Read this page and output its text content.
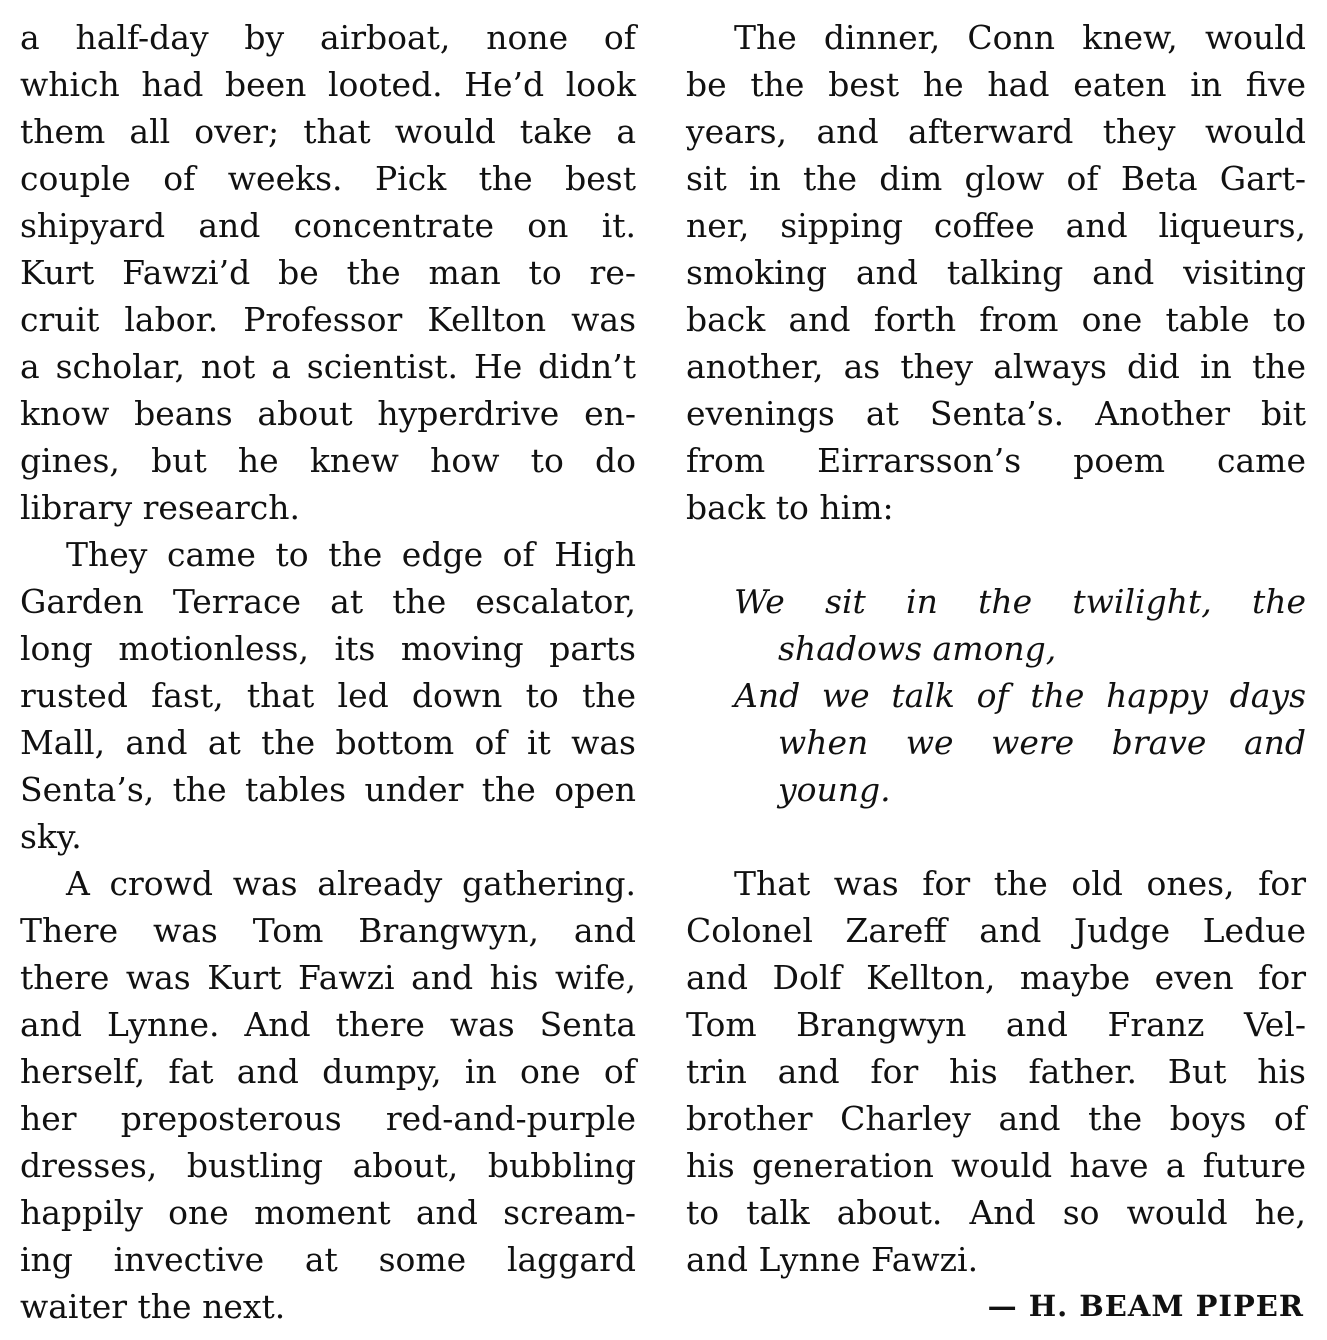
a half-day by airboat, none of
which had been looted. He’d look
them all over; that would take a
couple of weeks. Pick the best
shipyard and concentrate on it.
Kurt Fawzi’d be the man to re-
cruit labor. Professor Kellton was
a scholar, not a scientist. He didn’t
know beans about hyperdrive en-
gines, but he knew how to do
library research.
They came to the edge of High
Garden Terrace at the escalator,
long motionless, its moving parts
rusted fast, that led down to the
Mall, and at the bottom of it was
Senta’s, the tables under the open
sky.
A crowd was already gathering.
There was Tom Brangwyn, and
there was Kurt Fawzi and his wife,
and Lynne. And there was Senta
herself, fat and dumpy, in one of
her preposterous red-and-purple
dresses, bustling about, bubbling
happily one moment and scream-
ing invective at some laggard
waiter the next.
The dinner, Conn knew, would
be the best he had eaten in five
years, and afterward they would
sit in the dim glow of Beta Gart-
ner, sipping coffee and liqueurs,
smoking and talking and visiting
back and forth from one table to
another, as they always did in the
evenings at Senta’s. Another bit
from Eirrarsson’s poem came
back to him:
We sit in the twilight, the
shadows among,
And we talk of the happy days
when we were brave and
young.
That was for the old ones, for
Colonel Zareff and Judge Ledue
and Dolf Kellton, maybe even for
Tom Brangwyn and Franz Vel-
trin and for his father. But his
brother Charley and the boys of
his generation would have a future
to talk about. And so would he,
and Lynne Fawzi.
— H. BEAM PIPER
